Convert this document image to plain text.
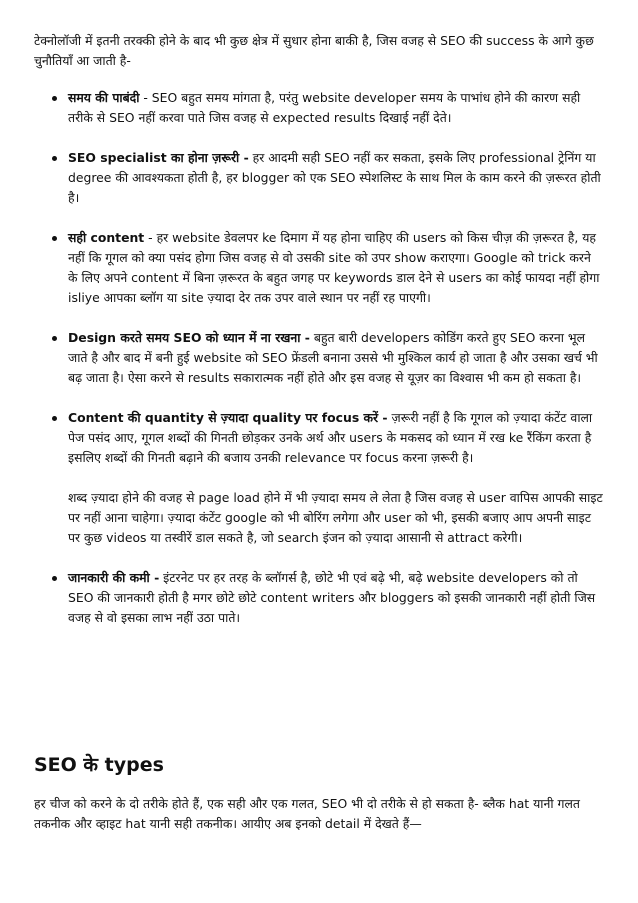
टेक्नोलॉजी में इतनी तरक्की होने के बाद भी कुछ क्षेत्र में सुधार होना बाकी है, जिस वजह से SEO की success के आगे कुछ चुनौतियाँ आ जाती है-

समय की पाबंदी - SEO बहुत समय मांगता है, परंतु website developer समय के पाभांध होने की कारण सही तरीके से SEO नहीं करवा पाते जिस वजह से expected results दिखाई नहीं देते।

SEO specialist का होना ज़रूरी - हर आदमी सही SEO नहीं कर सकता, इसके लिए professional ट्रेनिंग या degree की आवश्यकता होती है, हर blogger को एक SEO स्पेशलिस्ट के साथ मिल के काम करने की ज़रूरत होती है।

सही content - हर website डेवलपर ke दिमाग में यह होना चाहिए की users को किस चीज़ की ज़रूरत है, यह नहीं कि गूगल को क्या पसंद होगा जिस वजह से वो उसकी site को उपर show कराएगा। Google को trick करने के लिए अपने content में बिना ज़रूरत के बहुत जगह पर keywords डाल देने से users का कोई फायदा नहीं होगा isliye आपका ब्लॉग या site ज़्यादा देर तक उपर वाले स्थान पर नहीं रह पाएगी।

Design करते समय SEO को ध्यान में ना रखना - बहुत बारी developers कोडिंग करते हुए SEO करना भूल जाते है और बाद में बनी हुई website को SEO फ्रेंडली बनाना उससे भी मुश्किल कार्य हो जाता है और उसका खर्च भी बढ़ जाता है। ऐसा करने से results सकारात्मक नहीं होते और इस वजह से यूज़र का विश्वास भी कम हो सकता है।

Content की quantity से ज़्यादा quality पर focus करें - ज़रूरी नहीं है कि गूगल को ज़्यादा कंटेंट वाला पेज पसंद आए, गूगल शब्दों की गिनती छोड़कर उनके अर्थ और users के मकसद को ध्यान में रख ke रैंकिंग करता है इसलिए शब्दों की गिनती बढ़ाने की बजाय उनकी relevance पर focus करना ज़रूरी है।

शब्द ज़्यादा होने की वजह से page load होने में भी ज़्यादा समय ले लेता है जिस वजह से user वापिस आपकी साइट पर नहीं आना चाहेगा। ज़्यादा कंटेंट google को भी बोरिंग लगेगा और user को भी, इसकी बजाए आप अपनी साइट पर कुछ videos या तस्वीरें डाल सकते है, जो search इंजन को ज़्यादा आसानी से attract करेगी।

जानकारी की कमी - इंटरनेट पर हर तरह के ब्लॉगर्स है, छोटे भी एवं बढ़े भी, बढ़े website developers को तो SEO की जानकारी होती है मगर छोटे छोटे content writers और bloggers को इसकी जानकारी नहीं होती जिस वजह से वो इसका लाभ नहीं उठा पाते।

SEO के types

हर चीज को करने के दो तरीके होते हैं, एक सही और एक गलत, SEO भी दो तरीके से हो सकता है- ब्लैक hat यानी गलत तकनीक और व्हाइट hat यानी सही तकनीक। आयीए अब इनको detail में देखते हैं—
